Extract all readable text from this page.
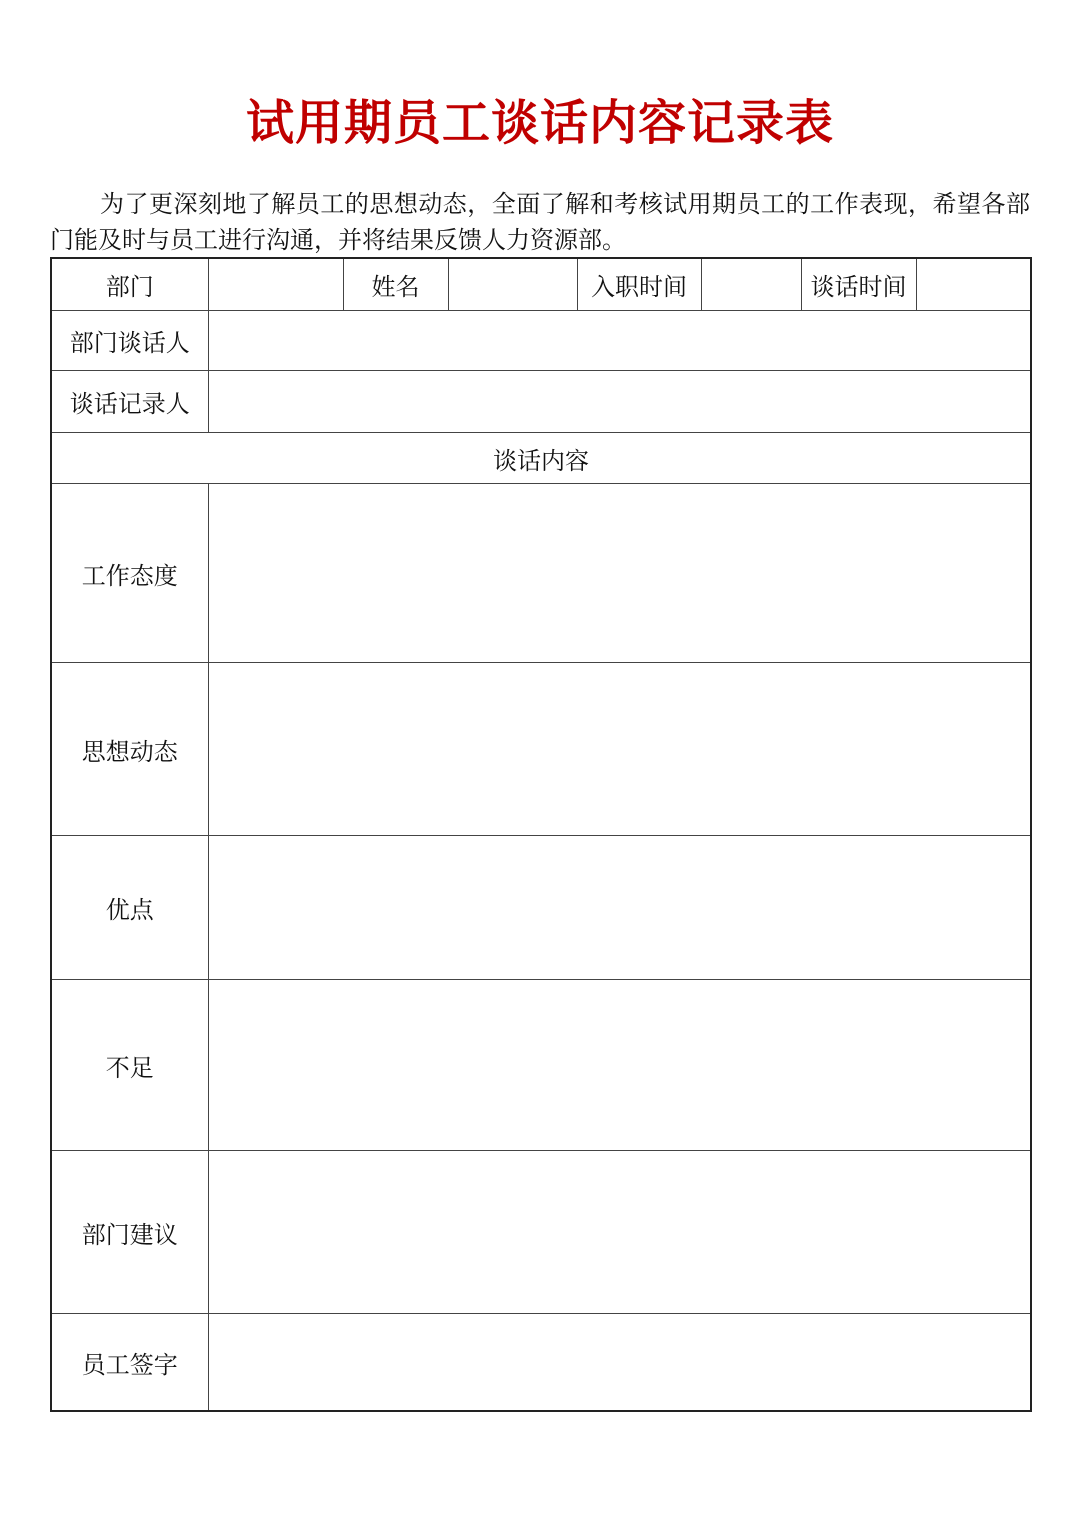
试用期员工谈话内容记录表

为了更深刻地了解员工的思想动态，全面了解和考核试用期员工的工作表现，希望各部门能及时与员工进行沟通，并将结果反馈人力资源部。

部门		姓名		入职时间		谈话时间	
部门谈话人							
谈话记录人							
谈话内容							
工作态度							
思想动态							
优点							
不足							
部门建议							
员工签字							
